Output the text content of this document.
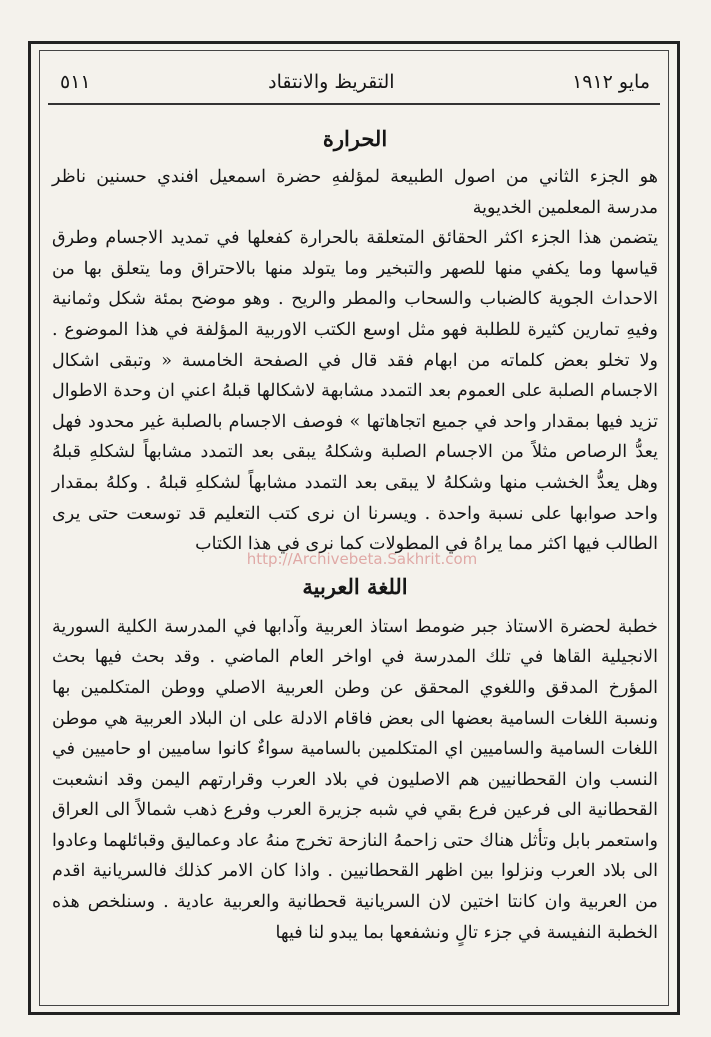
مايو ١٩١٢
التقريظ والانتقاد
٥١١
الحرارة

هو الجزء الثاني من اصول الطبيعة لمؤلفهِ حضرة اسمعيل افندي حسنين ناظر مدرسة المعلمين الخديوية

يتضمن هذا الجزء اكثر الحقائق المتعلقة بالحرارة كفعلها في تمديد الاجسام وطرق قياسها وما يكفي منها للصهر والتبخير وما يتولد منها بالاحتراق وما يتعلق بها من الاحداث الجوية كالضباب والسحاب والمطر والريح . وهو موضح بمئة شكل وثمانية وفيهِ تمارين كثيرة للطلبة فهو مثل اوسع الكتب الاوربية المؤلفة في هذا الموضوع . ولا تخلو بعض كلماته من ابهام فقد قال في الصفحة الخامسة « وتبقى اشكال الاجسام الصلبة على العموم بعد التمدد مشابهة لاشكالها قبلهُ اعني ان وحدة الاطوال تزيد فيها بمقدار واحد في جميع اتجاهاتها » فوصف الاجسام بالصلبة غير محدود فهل يعدُّ الرصاص مثلاً من الاجسام الصلبة وشكلهُ يبقى بعد التمدد مشابهاً لشكلهِ قبلهُ وهل يعدُّ الخشب منها وشكلهُ لا يبقى بعد التمدد مشابهاً لشكلهِ قبلهُ . وكلهُ بمقدار واحد صوابها على نسبة واحدة . ويسرنا ان نرى كتب التعليم قد توسعت حتى يرى الطالب فيها اكثر مما يراهُ في المطولات كما نرى في هذا الكتاب

اللغة العربية

خطبة لحضرة الاستاذ جبر ضومط استاذ العربية وآدابها في المدرسة الكلية السورية الانجيلية القاها في تلك المدرسة في اواخر العام الماضي . وقد بحث فيها بحث المؤرخ المدقق واللغوي المحقق عن وطن العربية الاصلي ووطن المتكلمين بها ونسبة اللغات السامية بعضها الى بعض فاقام الادلة على ان البلاد العربية هي موطن اللغات السامية والساميين اي المتكلمين بالسامية سواءٌ كانوا ساميين او حاميين في النسب وان القحطانيين هم الاصليون في بلاد العرب وقرارتهم اليمن وقد انشعبت القحطانية الى فرعين فرع بقي في شبه جزيرة العرب وفرع ذهب شمالاً الى العراق واستعمر بابل وتأثل هناك حتى زاحمهُ النازحة تخرج منهُ عاد وعماليق وقبائلهما وعادوا الى بلاد العرب ونزلوا بين اظهر القحطانيين . واذا كان الامر كذلك فالسريانية اقدم من العربية وان كانتا اختين لان السريانية قحطانية والعربية عادية . وسنلخص هذه الخطبة النفيسة في جزء تالٍ ونشفعها بما يبدو لنا فيها

http://Archivebeta.Sakhrit.com
